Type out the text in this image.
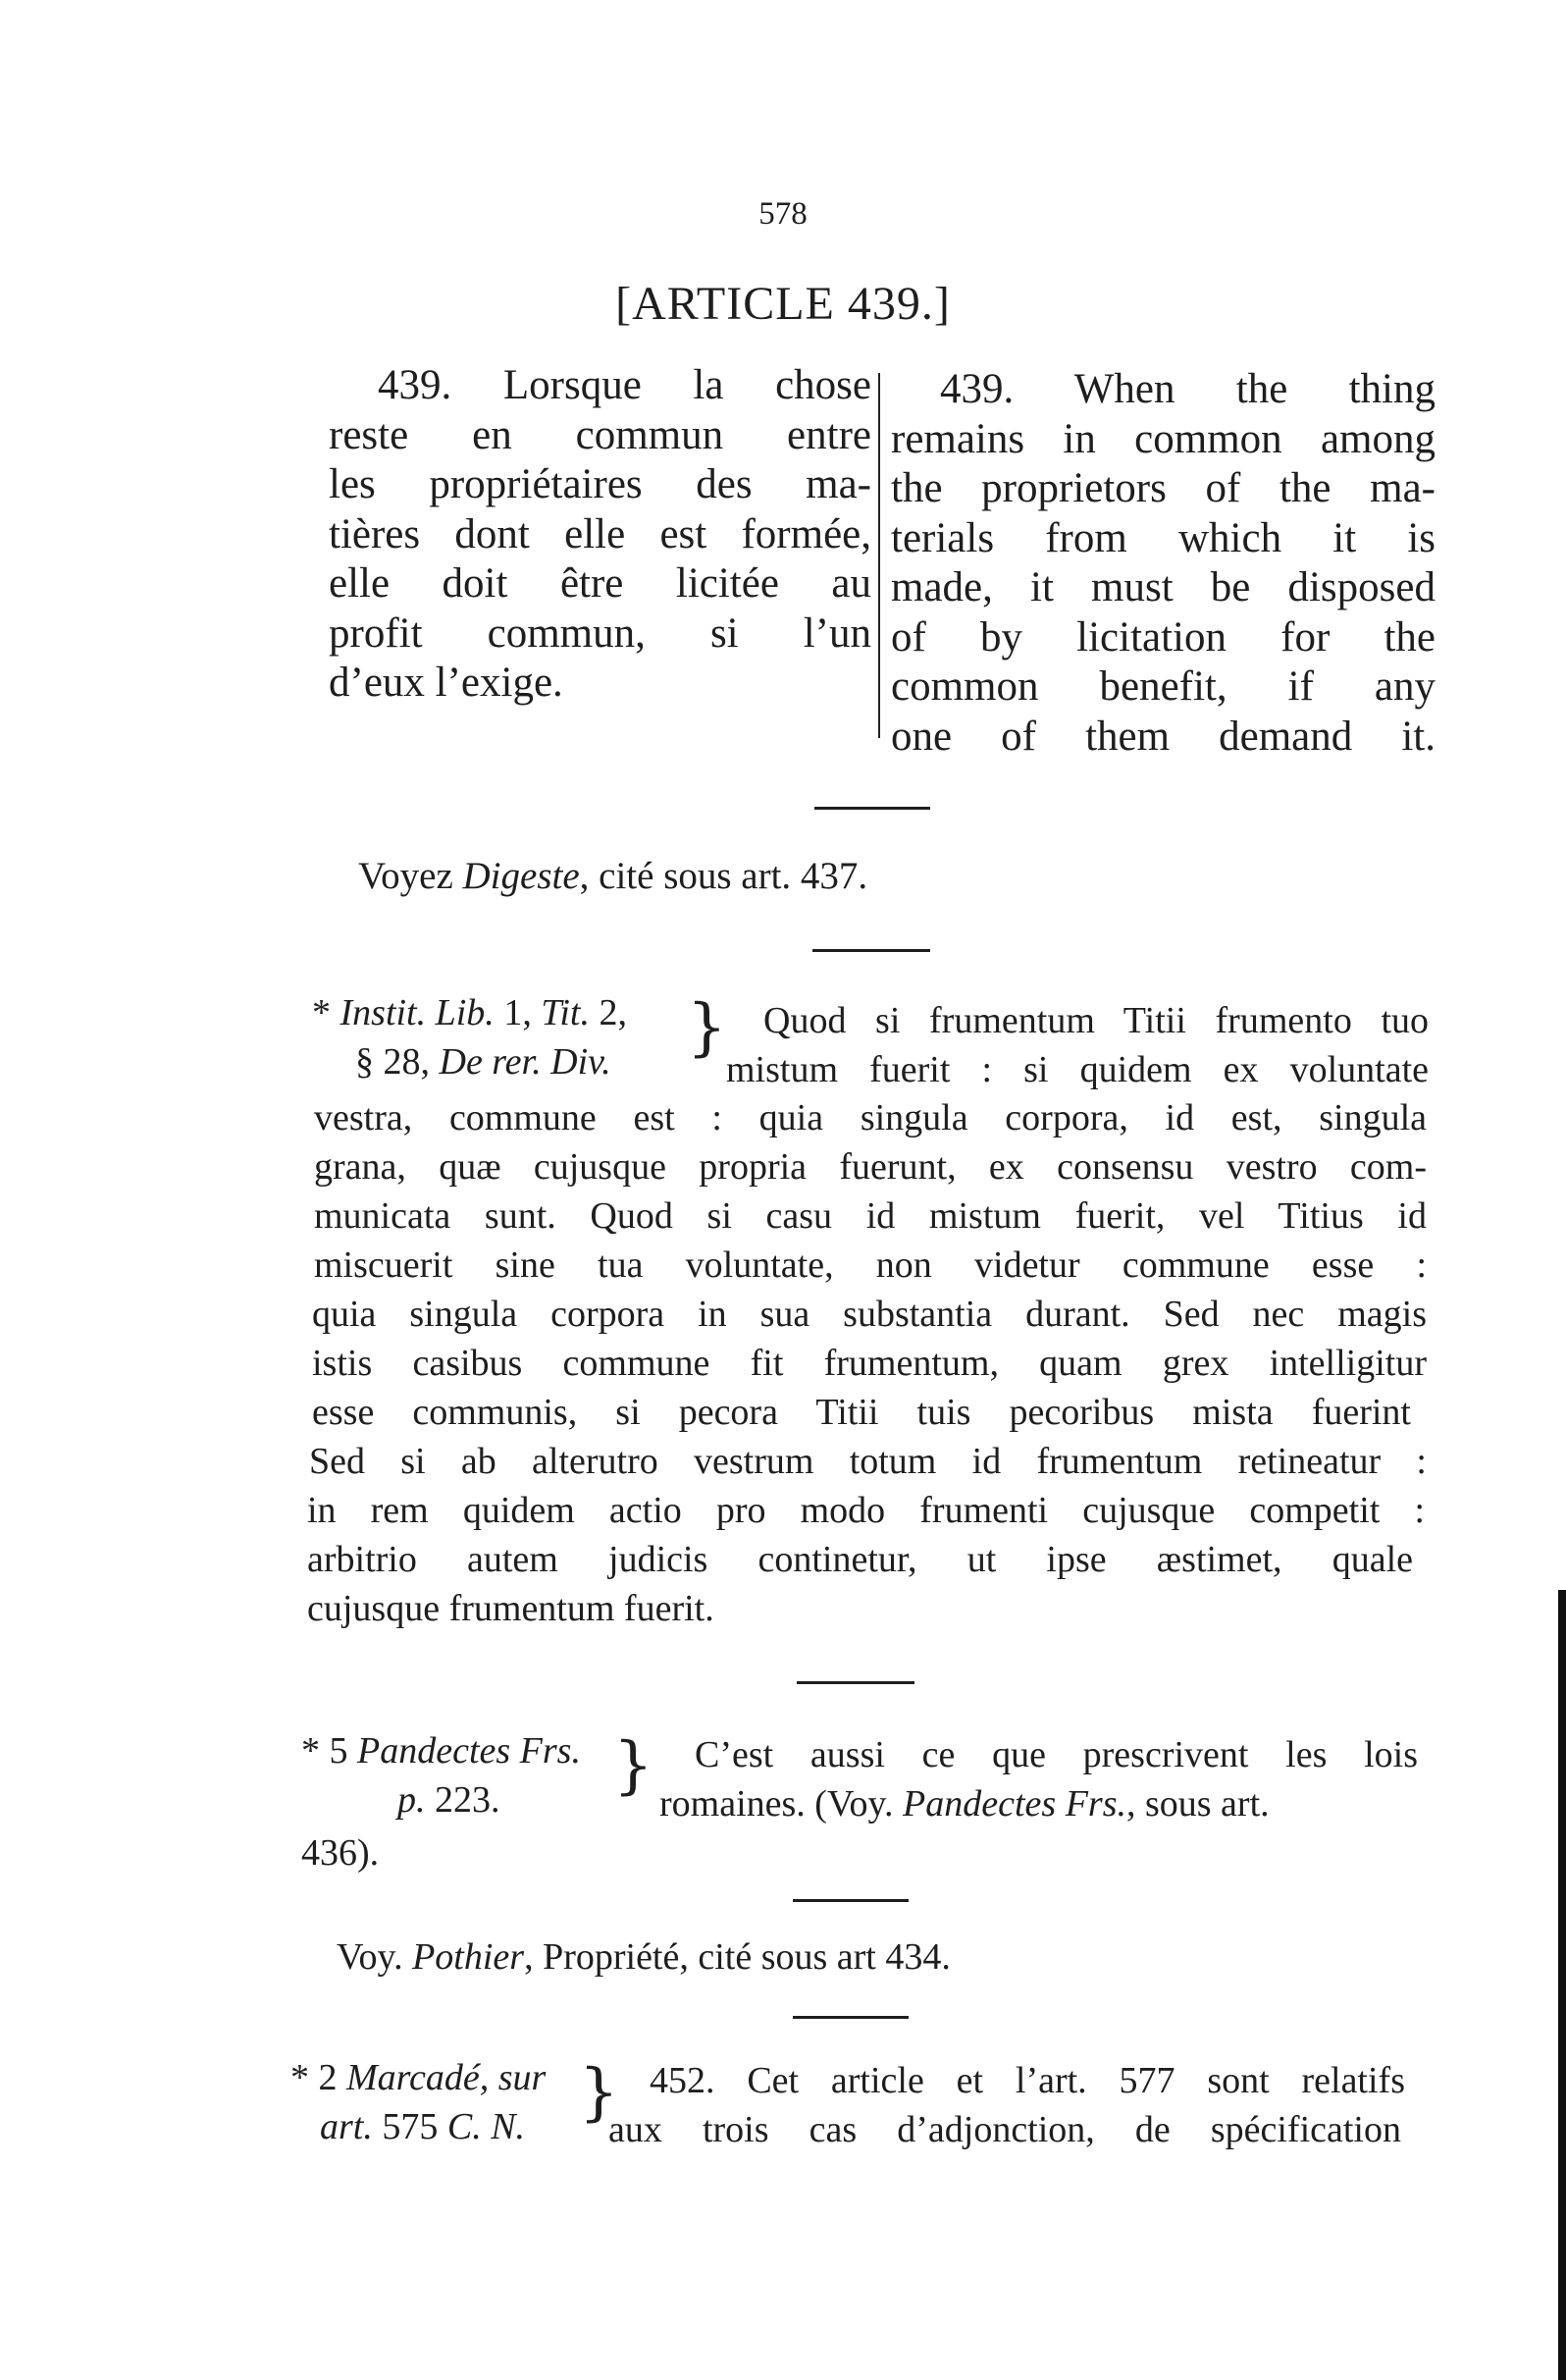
578
[ARTICLE 439.]
439. Lorsque la chose
reste en commun entre
les propriétaires des ma-
tières dont elle est formée,
elle doit être licitée au
profit commun, si l’un
d’eux l’exige.
439. When the thing
remains in common among
the proprietors of the ma-
terials from which it is
made, it must be disposed
of by licitation for the
common benefit, if any
one of them demand it.
Voyez Digeste, cité sous art. 437.
* Instit. Lib. 1, Tit. 2,
§ 28, De rer. Div. } Quod si frumentum Titii frumento tuo
mistum fuerit : si quidem ex voluntate
vestra, commune est : quia singula corpora, id est, singula
grana, quæ cujusque propria fuerunt, ex consensu vestro com-
municata sunt. Quod si casu id mistum fuerit, vel Titius id
miscuerit sine tua voluntate, non videtur commune esse :
quia singula corpora in sua substantia durant. Sed nec magis
istis casibus commune fit frumentum, quam grex intelligitur
esse communis, si pecora Titii tuis pecoribus mista fuerint
Sed si ab alterutro vestrum totum id frumentum retineatur :
in rem quidem actio pro modo frumenti cujusque competit :
arbitrio autem judicis continetur, ut ipse æstimet, quale
cujusque frumentum fuerit.
* 5 Pandectes Frs.
p. 223. } C’est aussi ce que prescrivent les lois
romaines. (Voy. Pandectes Frs., sous art.
436).
Voy. Pothier, Propriété, cité sous art 434.
* 2 Marcadé, sur
art. 575 C. N. } 452. Cet article et l’art. 577 sont relatifs
aux trois cas d’adjonction, de spécification
